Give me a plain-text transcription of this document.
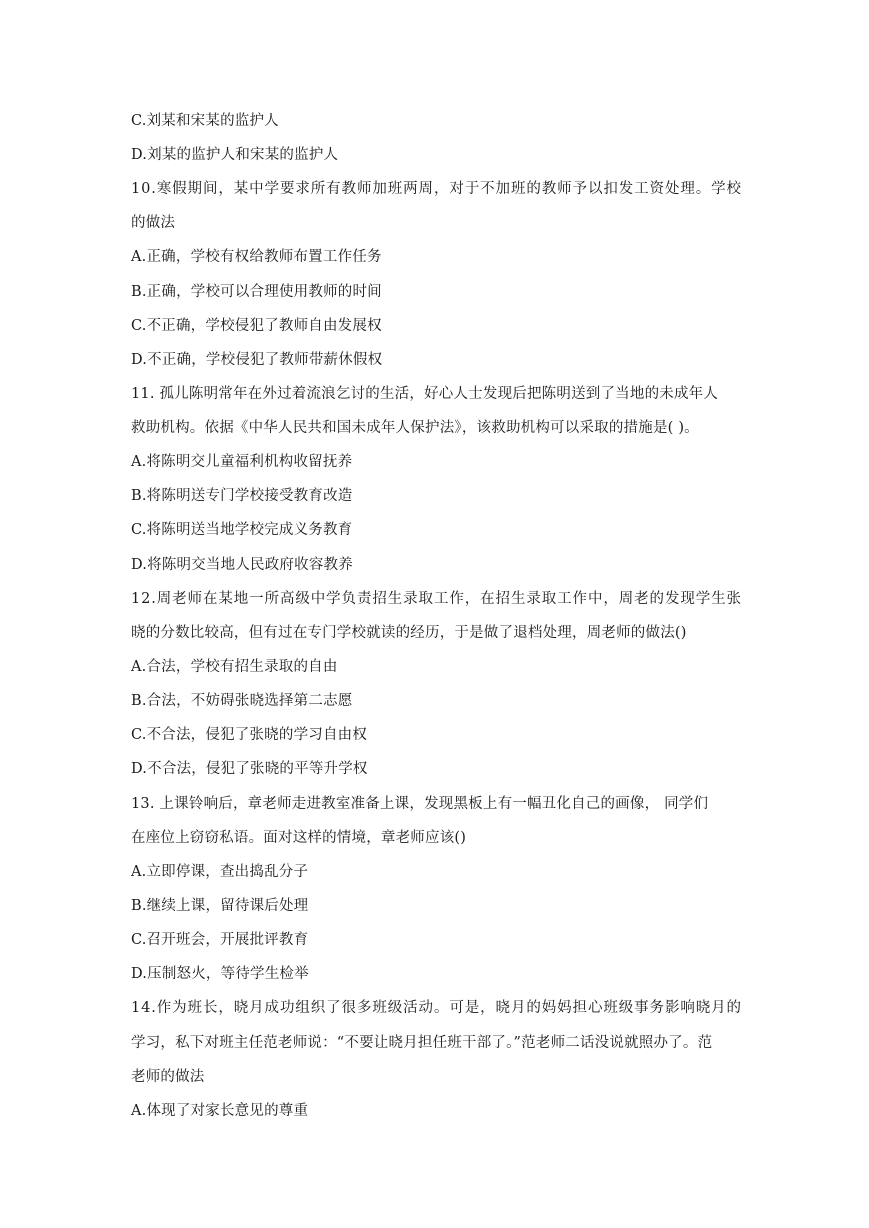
C.刘某和宋某的监护人
D.刘某的监护人和宋某的监护人
10.寒假期间，某中学要求所有教师加班两周，对于不加班的教师予以扣发工资处理。学校
的做法
A.正确，学校有权给教师布置工作任务
B.正确，学校可以合理使用教师的时间
C.不正确，学校侵犯了教师自由发展权
D.不正确，学校侵犯了教师带薪休假权
11. 孤儿陈明常年在外过着流浪乞讨的生活，好心人士发现后把陈明送到了当地的未成年人
救助机构。依据《中华人民共和国未成年人保护法》，该救助机构可以采取的措施是( )。
A.将陈明交儿童福利机构收留抚养
B.将陈明送专门学校接受教育改造
C.将陈明送当地学校完成义务教育
D.将陈明交当地人民政府收容教养
12.周老师在某地一所高级中学负责招生录取工作，在招生录取工作中，周老的发现学生张
晓的分数比较高，但有过在专门学校就读的经历，于是做了退档处理，周老师的做法()
A.合法，学校有招生录取的自由
B.合法，不妨碍张晓选择第二志愿
C.不合法，侵犯了张晓的学习自由权
D.不合法，侵犯了张晓的平等升学权
13. 上课铃响后，章老师走进教室准备上课，发现黑板上有一幅丑化自己的画像， 同学们
在座位上窃窃私语。面对这样的情境，章老师应该()
A.立即停课，查出捣乱分子
B.继续上课，留待课后处理
C.召开班会，开展批评教育
D.压制怒火，等待学生检举
14.作为班长，晓月成功组织了很多班级活动。可是，晓月的妈妈担心班级事务影响晓月的
学习，私下对班主任范老师说：“不要让晓月担任班干部了。”范老师二话没说就照办了。范
老师的做法
A.体现了对家长意见的尊重
